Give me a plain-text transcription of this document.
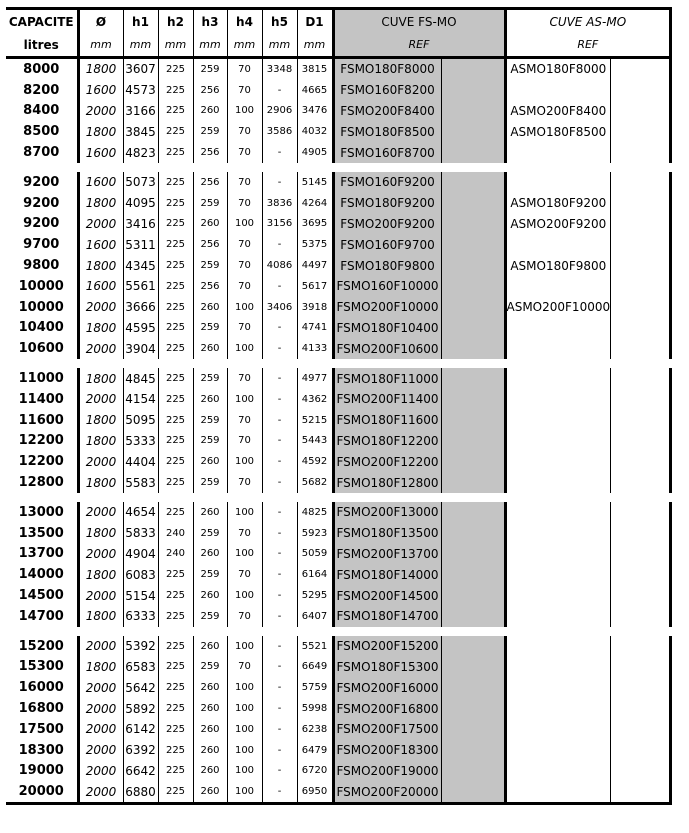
CAPACITE	Ø	h1	h2	h3	h4	h5	D1	CUVE FS-MO		CUVE AS-MO	
litres	mm	mm	mm	mm	mm	mm	mm	REF		REF	
8000	1800	3607	225	259	70	3348	3815	FSMO180F8000		ASMO180F8000	
8200	1600	4573	225	256	70	-	4665	FSMO160F8200			
8400	2000	3166	225	260	100	2906	3476	FSMO200F8400		ASMO200F8400	
8500	1800	3845	225	259	70	3586	4032	FSMO180F8500		ASMO180F8500	
8700	1600	4823	225	256	70	-	4905	FSMO160F8700			
9200	1600	5073	225	256	70	-	5145	FSMO160F9200			
9200	1800	4095	225	259	70	3836	4264	FSMO180F9200		ASMO180F9200	
9200	2000	3416	225	260	100	3156	3695	FSMO200F9200		ASMO200F9200	
9700	1600	5311	225	256	70	-	5375	FSMO160F9700			
9800	1800	4345	225	259	70	4086	4497	FSMO180F9800		ASMO180F9800	
10000	1600	5561	225	256	70	-	5617	FSMO160F10000			
10000	2000	3666	225	260	100	3406	3918	FSMO200F10000		ASMO200F10000	
10400	1800	4595	225	259	70	-	4741	FSMO180F10400			
10600	2000	3904	225	260	100	-	4133	FSMO200F10600			
11000	1800	4845	225	259	70	-	4977	FSMO180F11000			
11400	2000	4154	225	260	100	-	4362	FSMO200F11400			
11600	1800	5095	225	259	70	-	5215	FSMO180F11600			
12200	1800	5333	225	259	70	-	5443	FSMO180F12200			
12200	2000	4404	225	260	100	-	4592	FSMO200F12200			
12800	1800	5583	225	259	70	-	5682	FSMO180F12800			
13000	2000	4654	225	260	100	-	4825	FSMO200F13000			
13500	1800	5833	240	259	70	-	5923	FSMO180F13500			
13700	2000	4904	240	260	100	-	5059	FSMO200F13700			
14000	1800	6083	225	259	70	-	6164	FSMO180F14000			
14500	2000	5154	225	260	100	-	5295	FSMO200F14500			
14700	1800	6333	225	259	70	-	6407	FSMO180F14700			
15200	2000	5392	225	260	100	-	5521	FSMO200F15200			
15300	1800	6583	225	259	70	-	6649	FSMO180F15300			
16000	2000	5642	225	260	100	-	5759	FSMO200F16000			
16800	2000	5892	225	260	100	-	5998	FSMO200F16800			
17500	2000	6142	225	260	100	-	6238	FSMO200F17500			
18300	2000	6392	225	260	100	-	6479	FSMO200F18300			
19000	2000	6642	225	260	100	-	6720	FSMO200F19000			
20000	2000	6880	225	260	100	-	6950	FSMO200F20000			
